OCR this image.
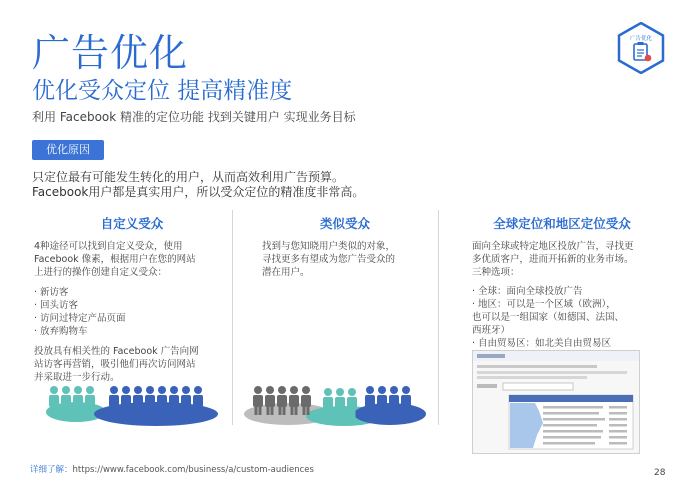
广告优化
优化受众定位 提高精准度
利用 Facebook 精准的定位功能 找到关键用户 实现业务目标
广告优化
优化原因
只定位最有可能发生转化的用户，从而高效利用广告预算。
Facebook用户都是真实用户，所以受众定位的精准度非常高。
自定义受众

4种途径可以找到自定义受众，使用

Facebook 像素，根据用户在您的网站

上进行的操作创建自定义受众：

· 新访客
· 回头访客
· 访问过特定产品页面
· 放弃购物车

投放具有相关性的 Facebook 广告向网

站访客再营销，吸引他们再次访问网站

并采取进一步行动。

类似受众

找到与您知晓用户类似的对象，

寻找更多有望成为您广告受众的

潜在用户。

全球定位和地区定位受众

面向全球或特定地区投放广告，寻找更

多优质客户，进而开拓新的业务市场。

三种选项：

· 全球：面向全球投放广告
· 地区：可以是一个区域（欧洲），
也可以是一组国家（如德国、法国、
西班牙）
· 自由贸易区：如北美自由贸易区
详细了解：https://www.facebook.com/business/a/custom-audiences	28
